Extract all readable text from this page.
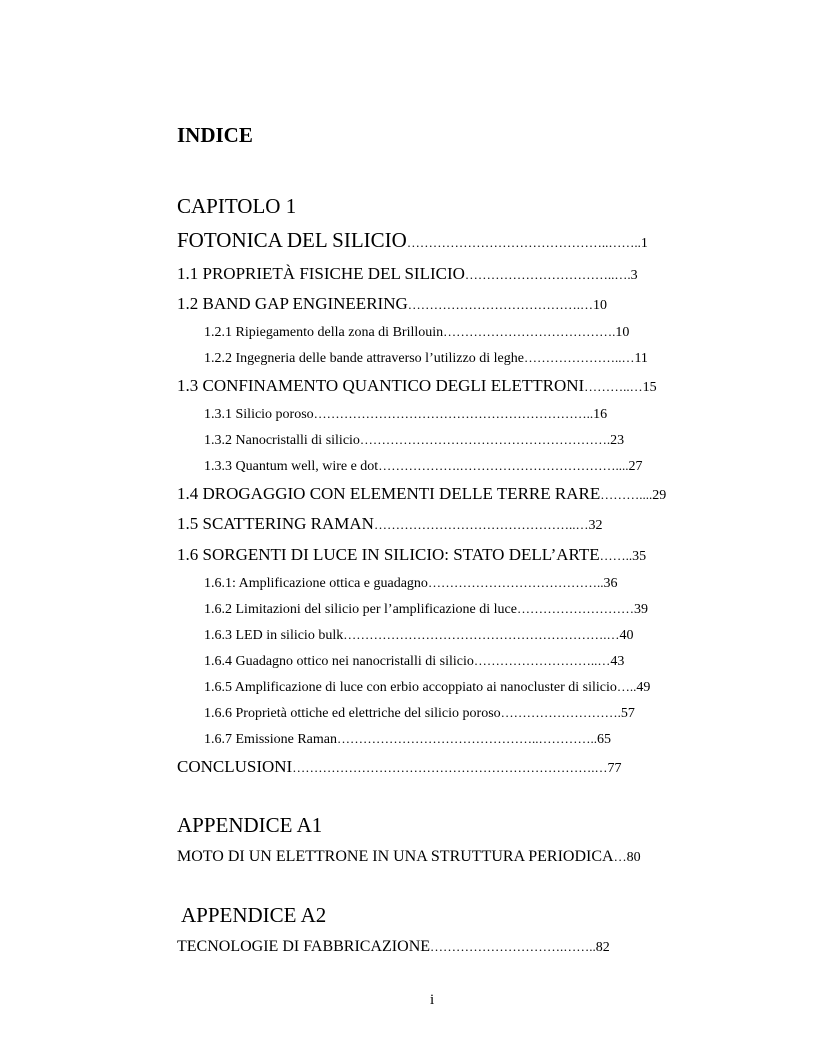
INDICE
CAPITOLO 1
FOTONICA DEL SILICIO………………………………………..……..1
1.1 PROPRIETÀ FISICHE DEL SILICIO……………………………..….3
1.2 BAND GAP ENGINEERING………………………………….…10
1.2.1 Ripiegamento della zona di Brillouin………………………………….10
1.2.2 Ingegneria delle bande attraverso l’utilizzo di leghe…………………..…11
1.3 CONFINAMENTO QUANTICO DEGLI ELETTRONI………..…15
1.3.1 Silicio poroso………………………………………………………..16
1.3.2 Nanocristalli di silicio………………………………………………….23
1.3.3 Quantum well, wire e dot……………….………………………………....27
1.4 DROGAGGIO CON ELEMENTI DELLE TERRE RARE………....29
1.5 SCATTERING RAMAN………………………………………..…32
1.6 SORGENTI DI LUCE IN SILICIO: STATO DELL’ARTE……..35
1.6.1: Amplificazione ottica e guadagno…………………………………..36
1.6.2 Limitazioni del silicio per l’amplificazione di luce………………………39
1.6.3 LED in silicio bulk…………………………………………………….…40
1.6.4 Guadagno ottico nei nanocristalli di silicio………………………..…43
1.6.5 Amplificazione di luce con erbio accoppiato ai nanocluster di silicio…..49
1.6.6 Proprietà ottiche ed elettriche del silicio poroso……………………….57
1.6.7 Emissione Raman………………………………………..…………..65
CONCLUSIONI…………………………………………………………….…77
APPENDICE A1
MOTO DI UN ELETTRONE IN UNA STRUTTURA PERIODICA…80
APPENDICE A2
TECNOLOGIE DI FABBRICAZIONE………………………….……..82
i
